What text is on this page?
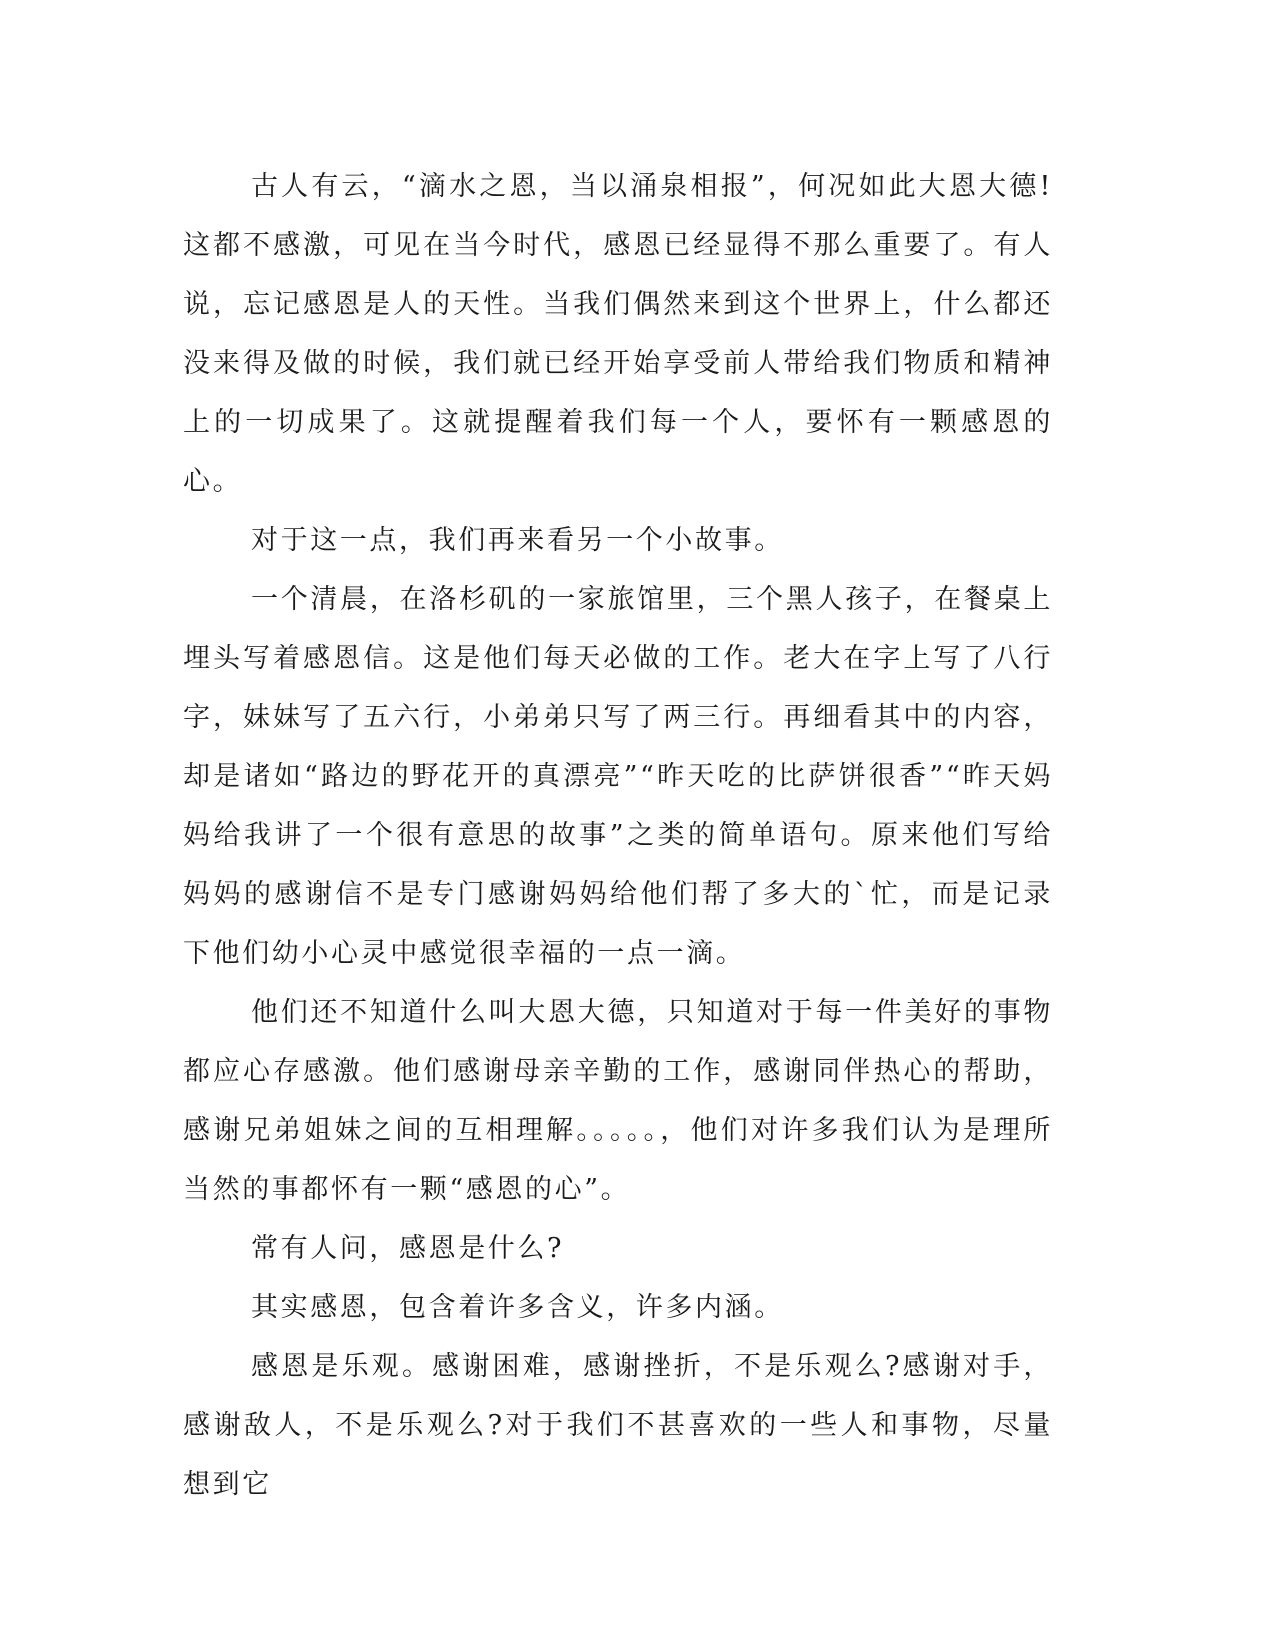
古人有云，“滴水之恩，当以涌泉相报”，何况如此大恩大德!这都不感激，可见在当今时代，感恩已经显得不那么重要了。有人说，忘记感恩是人的天性。当我们偶然来到这个世界上，什么都还没来得及做的时候，我们就已经开始享受前人带给我们物质和精神上的一切成果了。这就提醒着我们每一个人，要怀有一颗感恩的心。

对于这一点，我们再来看另一个小故事。

一个清晨，在洛杉矶的一家旅馆里，三个黑人孩子，在餐桌上埋头写着感恩信。这是他们每天必做的工作。老大在字上写了八行字，妹妹写了五六行，小弟弟只写了两三行。再细看其中的内容，却是诸如“路边的野花开的真漂亮”“昨天吃的比萨饼很香”“昨天妈妈给我讲了一个很有意思的故事”之类的简单语句。原来他们写给妈妈的感谢信不是专门感谢妈妈给他们帮了多大的`忙，而是记录下他们幼小心灵中感觉很幸福的一点一滴。

他们还不知道什么叫大恩大德，只知道对于每一件美好的事物都应心存感激。他们感谢母亲辛勤的工作，感谢同伴热心的帮助，感谢兄弟姐妹之间的互相理解。。。。。，他们对许多我们认为是理所当然的事都怀有一颗“感恩的心”。

常有人问，感恩是什么?

其实感恩，包含着许多含义，许多内涵。

感恩是乐观。感谢困难，感谢挫折，不是乐观么?感谢对手，感谢敌人，不是乐观么?对于我们不甚喜欢的一些人和事物，尽量想到它
